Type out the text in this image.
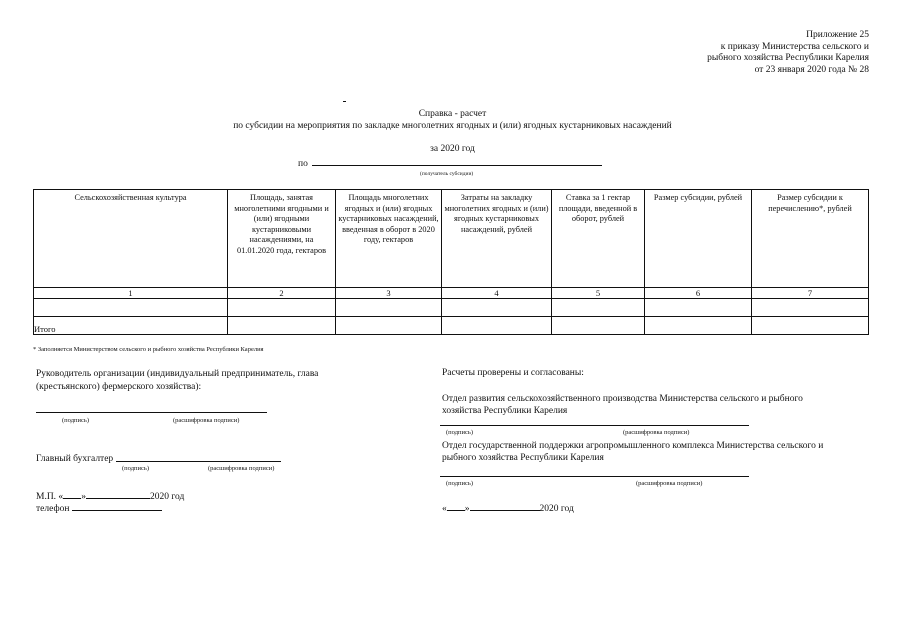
Приложение 25
к приказу Министерства сельского и
рыбного хозяйства Республики Карелия
от 23 января 2020 года № 28
Справка - расчет
по субсидии на мероприятия по закладке многолетних ягодных и (или) ягодных кустарниковых насаждений
за 2020 год
по
(получатель субсидии)
Сельскохозяйственная культура	Площадь, занятая многолетними ягодными и (или) ягодными кустарниковыми насаждениями, на 01.01.2020 года, гектаров	Площадь многолетних ягодных и (или) ягодных кустарниковых насаждений, введенная в оборот в 2020 году, гектаров	Затраты на закладку многолетних ягодных и (или) ягодных кустарниковых насаждений, рублей	Ставка за 1 гектар площади, введенной в оборот, рублей	Размер субсидии, рублей	Размер субсидии к перечислению*, рублей
1	2	3	4	5	6	7

Итого						
* Заполняется Министерством сельского и рыбного хозяйства Республики Карелия
Руководитель организации (индивидуальный предприниматель, глава
(крестьянского) фермерского хозяйства):
(подпись)	(расшифровка подписи)
Главный бухгалтер
(подпись)	(расшифровка подписи)
М.П. « »	2020 год
телефон
Расчеты проверены и согласованы:
Отдел развития сельскохозяйственного производства Министерства сельского и рыбного
хозяйства Республики Карелия
(подпись)	(расшифровка подписи)
Отдел государственной поддержки агропромышленного комплекса Министерства сельского и
рыбного хозяйства Республики Карелия
(подпись)	(расшифровка подписи)
« »	2020 год
